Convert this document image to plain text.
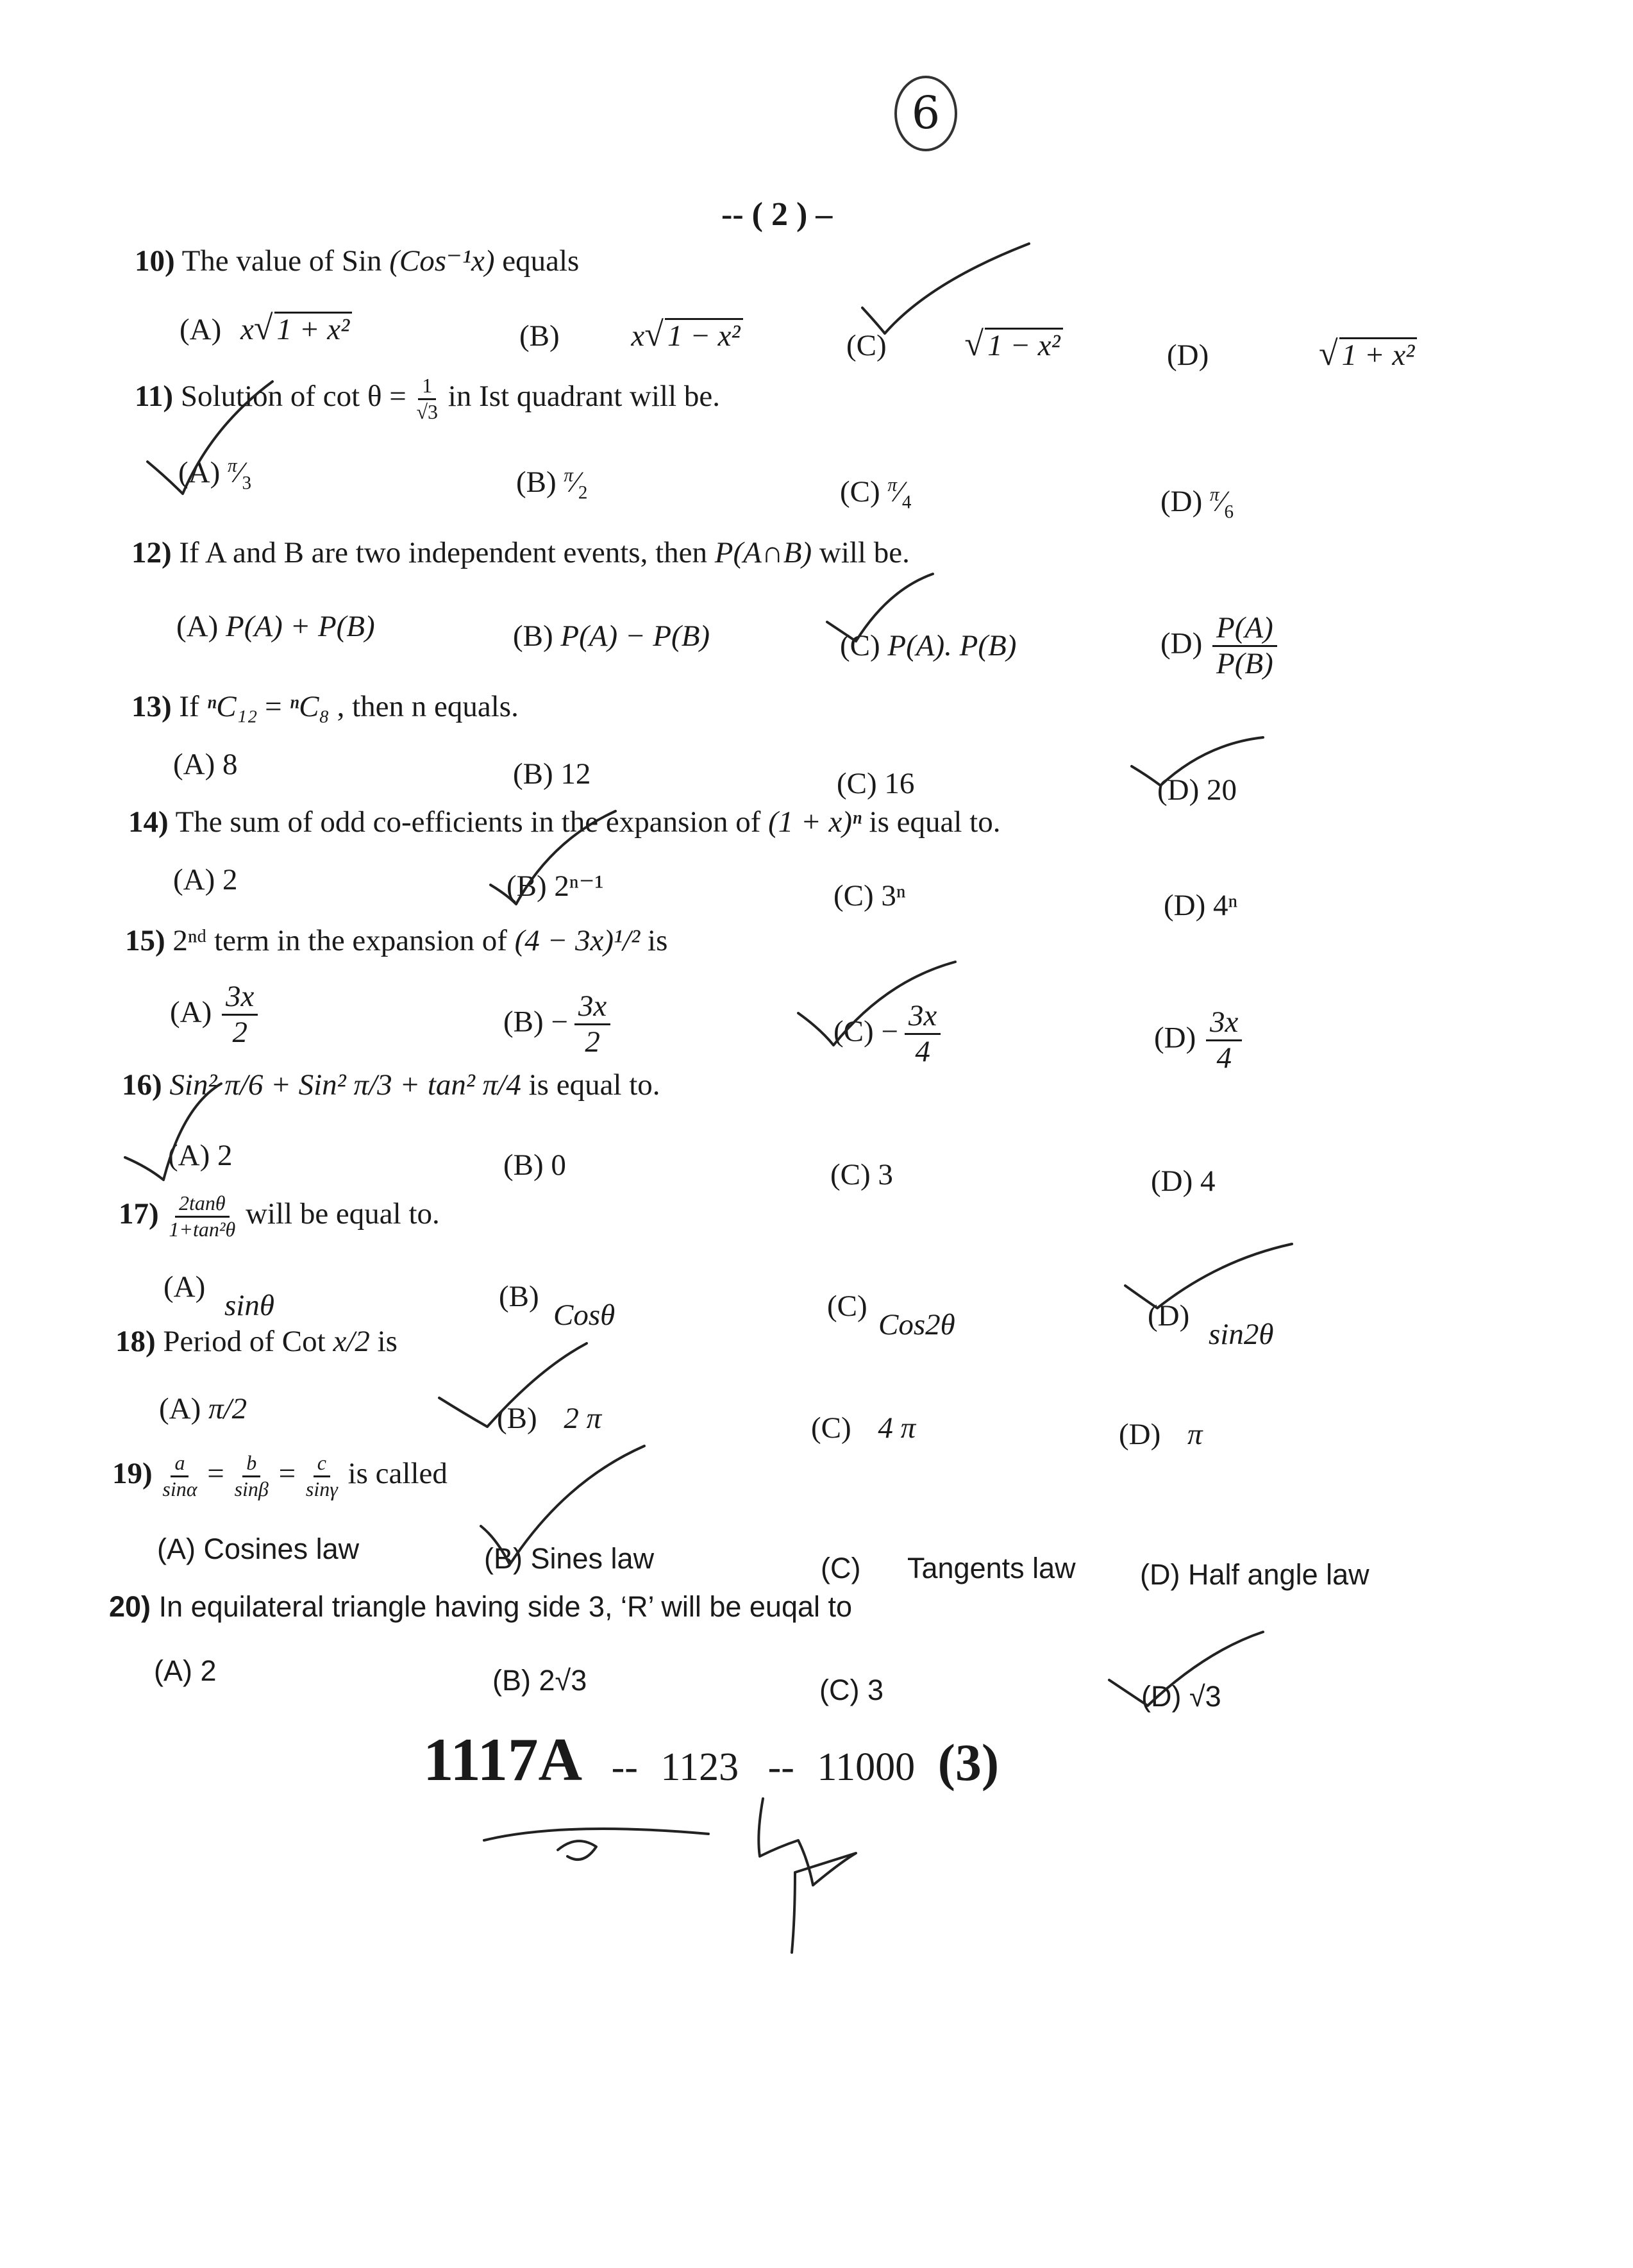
6
-- ( 2 ) –
10) The value of Sin (Cos⁻¹x) equals
(A) x√ 1 + x²	(B) x√ 1 − x²	(C) √ 1 − x²	(D)	√ 1 + x²
11) Solution of $\cot \theta = \frac{1}{√3}$ in Ist quadrant will be.
(A) $^\pi⁄_3$	(B) $^\pi⁄_2$	(C) $^\pi⁄_4$	(D) $^\pi⁄_6$
12) If A and B are two independent events, then P(A∩B) will be.
(A) P(A) + P(B)	(B) P(A) − P(B)	(C) P(A). P(B)	$(D) \frac{P(A)}{P(B)}$
13) If ⁿC₁₂ = ⁿC₈ , then n equals.
(A) 8	(B) 12	(C) 16	(D) 20
14) The sum of odd co-efficients in the expansion of (1 + x)ⁿ is equal to.
(A) 2	(B) 2ⁿ⁻¹	(C) 3ⁿ	(D) 4ⁿ
15) 2ⁿᵈ term in the expansion of (4 − 3x)¹/² is
$(A) \frac{3x}{2}$	$(B) - \frac{3x}{2}$	$(C) - \frac{3x}{4}$	$(D) \frac{3x}{4}$
16) Sin² π/6 + Sin² π/3 + tan² π/4 is equal to.
(A) 2	(B) 0	(C) 3	(D) 4
$17) \frac{2\tan\theta}{\text{1+tan²θ}}$ will be equal to.
(A)
sinθ	(B)
Cosθ	(C)
Cos2θ	(D)
sin2θ
18) Period of Cot x/2 is
(A) π/2	(B) 2 π	(C) 4 π	(D) π
$19) \frac{a}{\sin\alpha} = \frac{b}{\sin\beta} = \frac{c}{\sin\gamma}$ is called
(A) Cosines law	(B) Sines law	(C) Tangents law (D) Half angle law
20) In equilateral triangle having side 3, ‘R’ will be euqal to
(A) 2	(B) 2√3	(C) 3	(D) √3
1117A -- 1123 -- 11000 (3)
